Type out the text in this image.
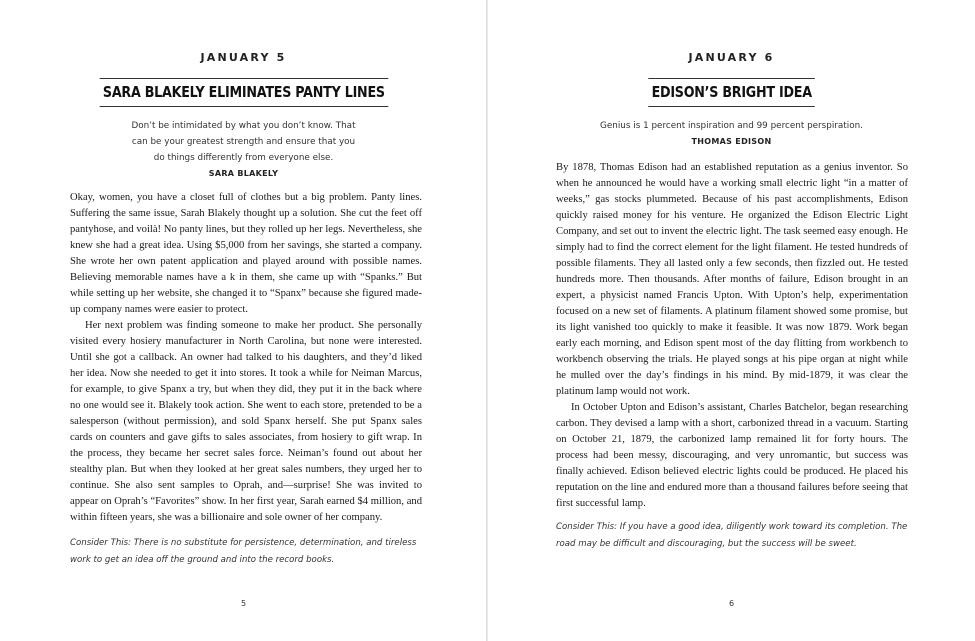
JANUARY 5
SARA BLAKELY ELIMINATES PANTY LINES
Don’t be intimidated by what you don’t know. That
can be your greatest strength and ensure that you
do things differently from everyone else.
SARA BLAKELY

Okay, women, you have a closet full of clothes but a big problem. Panty lines. Suffering the same issue, Sarah Blakely thought up a solution. She cut the feet off pantyhose, and voilà! No panty lines, but they rolled up her legs. Nevertheless, she knew she had a great idea. Using $5,000 from her savings, she started a company. She wrote her own patent application and played around with possible names. Believing memorable names have a k in them, she came up with “Spanks.” But while setting up her website, she changed it to “Spanx” because she figured made-up company names were easier to protect.

Her next problem was finding someone to make her product. She personally visited every hosiery manufacturer in North Carolina, but none were interested. Until she got a callback. An owner had talked to his daughters, and they’d liked her idea. Now she needed to get it into stores. It took a while for Neiman Marcus, for example, to give Spanx a try, but when they did, they put it in the back where no one would see it. Blakely took action. She went to each store, pretended to be a salesperson (without permission), and sold Spanx herself. She put Spanx sales cards on counters and gave gifts to sales associates, from hosiery to gift wrap. In the process, they became her secret sales force. Neiman’s found out about her stealthy plan. But when they looked at her great sales numbers, they urged her to continue. She also sent samples to Oprah, and—surprise! She was invited to appear on Oprah’s “Favorites” show. In her first year, Sarah earned $4 million, and within fifteen years, she was a billionaire and sole owner of her company.

Consider This: There is no substitute for persistence, determination, and tireless work to get an idea off the ground and into the record books.
5
JANUARY 6
EDISON’S BRIGHT IDEA
Genius is 1 percent inspiration and 99 percent perspiration.
THOMAS EDISON

By 1878, Thomas Edison had an established reputation as a genius inventor. So when he announced he would have a working small electric light “in a matter of weeks,” gas stocks plummeted. Because of his past accomplishments, Edison quickly raised money for his venture. He organized the Edison Electric Light Company, and set out to invent the electric light. The task seemed easy enough. He simply had to find the correct element for the light filament. He tested hundreds of possible filaments. They all lasted only a few seconds, then fizzled out. He tested hundreds more. Then thousands. After months of failure, Edison brought in an expert, a physicist named Francis Upton. With Upton’s help, experimentation focused on a new set of filaments. A platinum filament showed some promise, but its light vanished too quickly to make it feasible. It was now 1879. Work began early each morning, and Edison spent most of the day flitting from workbench to workbench observing the trials. He played songs at his pipe organ at night while he mulled over the day’s findings in his mind. By mid-1879, it was clear the platinum lamp would not work.

In October Upton and Edison’s assistant, Charles Batchelor, began researching carbon. They devised a lamp with a short, carbonized thread in a vacuum. Starting on October 21, 1879, the carbonized lamp remained lit for forty hours. The process had been messy, discouraging, and very unromantic, but success was finally achieved. Edison believed electric lights could be produced. He placed his reputation on the line and endured more than a thousand failures before seeing that first successful lamp.

Consider This: If you have a good idea, diligently work toward its completion. The road may be difficult and discouraging, but the success will be sweet.
6
